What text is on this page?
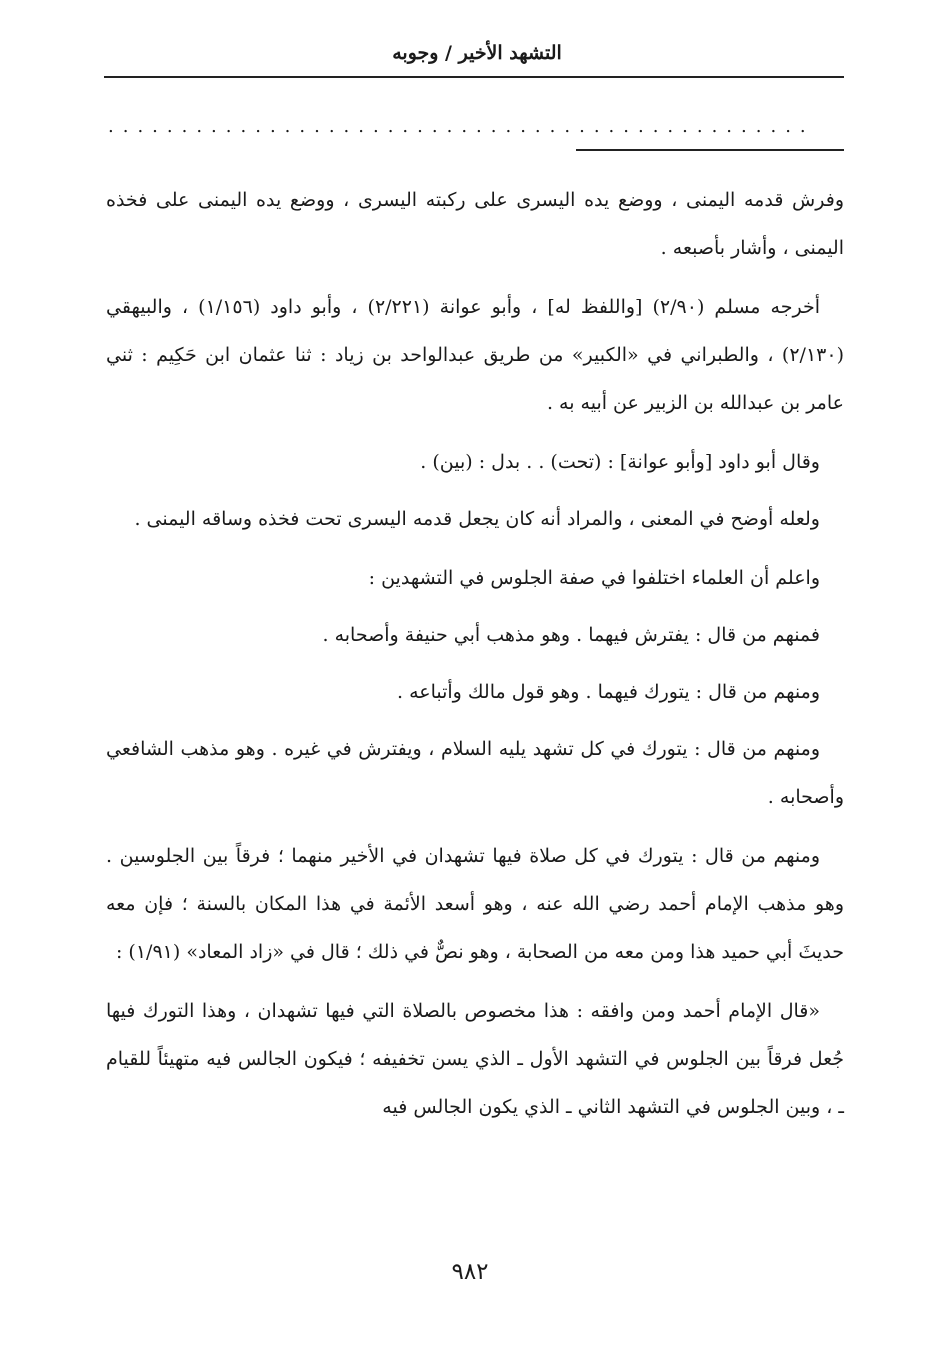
التشهد الأخير / وجوبه
................................................

وفرش قدمه اليمنى ، ووضع يده اليسرى على ركبته اليسرى ، ووضع يده اليمنى على فخذه اليمنى ، وأشار بأصبعه .

أخرجه مسلم (٢/٩٠) [واللفظ له] ، وأبو عوانة (٢/٢٢١) ، وأبو داود (١/١٥٦) ، والبيهقي (٢/١٣٠) ، والطبراني في «الكبير» من طريق عبدالواحد بن زياد : ثنا عثمان ابن حَكِيم : ثني عامر بن عبدالله بن الزبير عن أبيه به .

وقال أبو داود [وأبو عوانة] : (تحت) . . بدل : (بين) .

ولعله أوضح في المعنى ، والمراد أنه كان يجعل قدمه اليسرى تحت فخذه وساقه اليمنى .

واعلم أن العلماء اختلفوا في صفة الجلوس في التشهدين :

فمنهم من قال : يفترش فيهما . وهو مذهب أبي حنيفة وأصحابه .

ومنهم من قال : يتورك فيهما . وهو قول مالك وأتباعه .

ومنهم من قال : يتورك في كل تشهد يليه السلام ، ويفترش في غيره . وهو مذهب الشافعي وأصحابه .

ومنهم من قال : يتورك في كل صلاة فيها تشهدان في الأخير منهما ؛ فرقاً بين الجلوسين . وهو مذهب الإمام أحمد رضي الله عنه ، وهو أسعد الأئمة في هذا المكان بالسنة ؛ فإن معه حديثَ أبي حميد هذا ومن معه من الصحابة ، وهو نصٌّ في ذلك ؛ قال في «زاد المعاد» (١/٩١) :

«قال الإمام أحمد ومن وافقه : هذا مخصوص بالصلاة التي فيها تشهدان ، وهذا التورك فيها جُعل فرقاً بين الجلوس في التشهد الأول ـ الذي يسن تخفيفه ؛ فيكون الجالس فيه متهيئاً للقيام ـ ، وبين الجلوس في التشهد الثاني ـ الذي يكون الجالس فيه

٩٨٢
